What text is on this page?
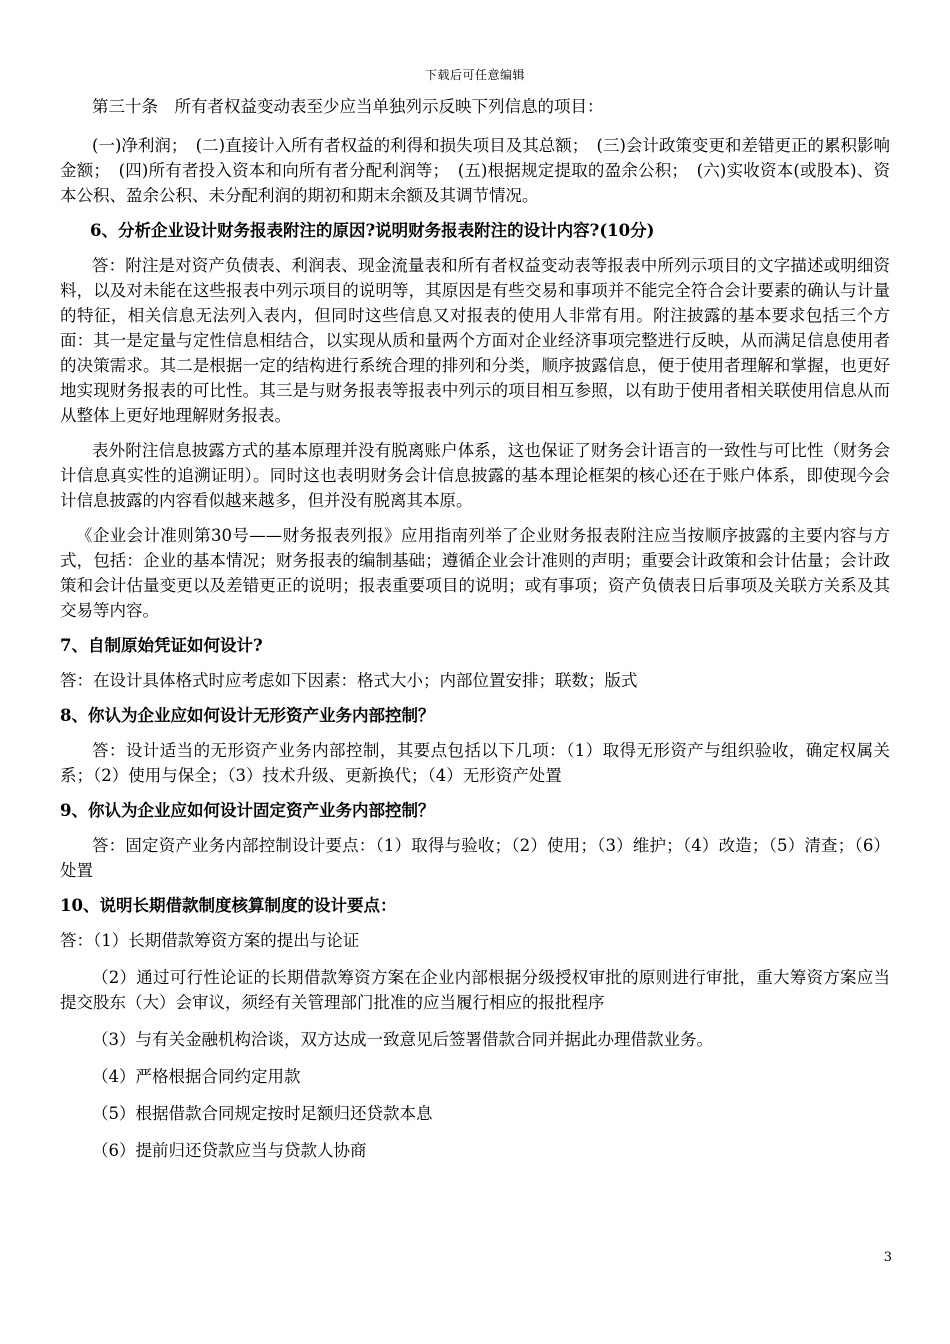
下载后可任意编辑

第三十条　所有者权益变动表至少应当单独列示反映下列信息的项目：

(一)净利润；　(二)直接计入所有者权益的利得和损失项目及其总额；　(三)会计政策变更和差错更正的累积影响金额；　(四)所有者投入资本和向所有者分配利润等；　(五)根据规定提取的盈余公积；　(六)实收资本(或股本)、资本公积、盈余公积、未分配利润的期初和期末余额及其调节情况。

6、分析企业设计财务报表附注的原因?说明财务报表附注的设计内容?(10分)

答：附注是对资产负债表、利润表、现金流量表和所有者权益变动表等报表中所列示项目的文字描述或明细资料，以及对未能在这些报表中列示项目的说明等，其原因是有些交易和事项并不能完全符合会计要素的确认与计量的特征，相关信息无法列入表内，但同时这些信息又对报表的使用人非常有用。附注披露的基本要求包括三个方面：其一是定量与定性信息相结合，以实现从质和量两个方面对企业经济事项完整进行反映，从而满足信息使用者的决策需求。其二是根据一定的结构进行系统合理的排列和分类，顺序披露信息，便于使用者理解和掌握，也更好地实现财务报表的可比性。其三是与财务报表等报表中列示的项目相互参照，以有助于使用者相关联使用信息从而从整体上更好地理解财务报表。

表外附注信息披露方式的基本原理并没有脱离账户体系，这也保证了财务会计语言的一致性与可比性（财务会计信息真实性的追溯证明）。同时这也表明财务会计信息披露的基本理论框架的核心还在于账户体系，即使现今会计信息披露的内容看似越来越多，但并没有脱离其本原。

《企业会计准则第30号——财务报表列报》应用指南列举了企业财务报表附注应当按顺序披露的主要内容与方式，包括：企业的基本情况；财务报表的编制基础；遵循企业会计准则的声明；重要会计政策和会计估量；会计政策和会计估量变更以及差错更正的说明；报表重要项目的说明；或有事项；资产负债表日后事项及关联方关系及其交易等内容。

7、自制原始凭证如何设计?

答：在设计具体格式时应考虑如下因素：格式大小；内部位置安排；联数；版式

8、你认为企业应如何设计无形资产业务内部控制？

答：设计适当的无形资产业务内部控制，其要点包括以下几项：（1）取得无形资产与组织验收，确定权属关系；（2）使用与保全；（3）技术升级、更新换代；（4）无形资产处置

9、你认为企业应如何设计固定资产业务内部控制？

答：固定资产业务内部控制设计要点：（1）取得与验收；（2）使用；（3）维护；（4）改造；（5）清查；（6）处置

10、说明长期借款制度核算制度的设计要点：

答：（1）长期借款筹资方案的提出与论证

（2）通过可行性论证的长期借款筹资方案在企业内部根据分级授权审批的原则进行审批，重大筹资方案应当提交股东（大）会审议，须经有关管理部门批准的应当履行相应的报批程序

（3）与有关金融机构洽谈，双方达成一致意见后签署借款合同并据此办理借款业务。

（4）严格根据合同约定用款

（5）根据借款合同规定按时足额归还贷款本息

（6）提前归还贷款应当与贷款人协商

3
